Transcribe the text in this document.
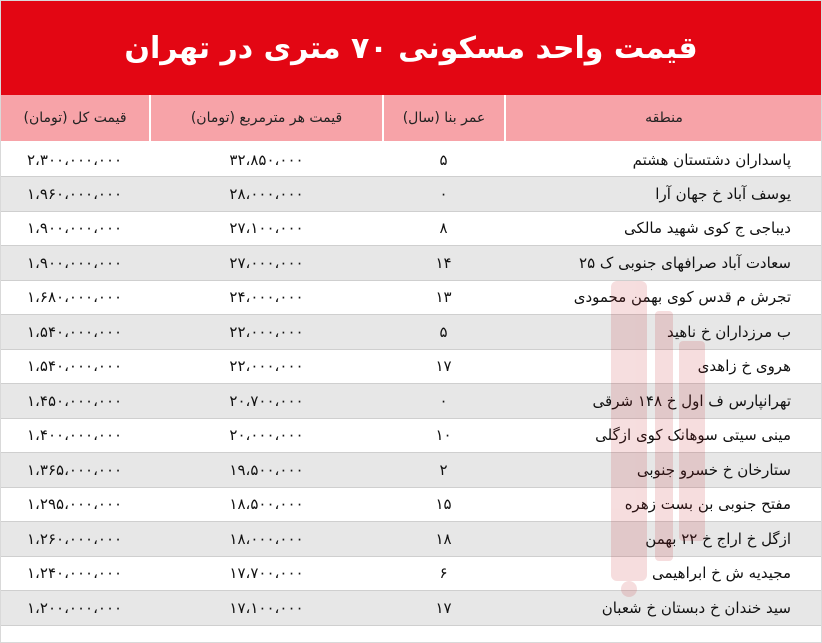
قیمت واحد مسکونی ۷۰ متری در تهران
منطقه	عمر بنا (سال)	قیمت هر مترمربع (تومان)	قیمت کل (تومان)
پاسداران دشتستان هشتم	۵	۳۲،۸۵۰،۰۰۰	۲،۳۰۰،۰۰۰،۰۰۰
یوسف آباد خ جهان آرا	۰	۲۸،۰۰۰،۰۰۰	۱،۹۶۰،۰۰۰،۰۰۰
دیباجی ج کوی شهید مالکی	۸	۲۷،۱۰۰،۰۰۰	۱،۹۰۰،۰۰۰،۰۰۰
سعادت آباد صرافهای جنوبی ک ۲۵	۱۴	۲۷،۰۰۰،۰۰۰	۱،۹۰۰،۰۰۰،۰۰۰
تجرش م قدس کوی بهمن محمودی	۱۳	۲۴،۰۰۰،۰۰۰	۱،۶۸۰،۰۰۰،۰۰۰
ب مرزداران خ ناهید	۵	۲۲،۰۰۰،۰۰۰	۱،۵۴۰،۰۰۰،۰۰۰
هروی خ زاهدی	۱۷	۲۲،۰۰۰،۰۰۰	۱،۵۴۰،۰۰۰،۰۰۰
تهرانپارس ف اول خ ۱۴۸ شرقی	۰	۲۰،۷۰۰،۰۰۰	۱،۴۵۰،۰۰۰،۰۰۰
مینی سیتی سوهانک کوی ازگلی	۱۰	۲۰،۰۰۰،۰۰۰	۱،۴۰۰،۰۰۰،۰۰۰
ستارخان خ خسرو جنوبی	۲	۱۹،۵۰۰،۰۰۰	۱،۳۶۵،۰۰۰،۰۰۰
مفتح جنوبی بن بست زهره	۱۵	۱۸،۵۰۰،۰۰۰	۱،۲۹۵،۰۰۰،۰۰۰
ازگل خ اراج خ ۲۲ بهمن	۱۸	۱۸،۰۰۰،۰۰۰	۱،۲۶۰،۰۰۰،۰۰۰
مجیدیه ش خ ابراهیمی	۶	۱۷،۷۰۰،۰۰۰	۱،۲۴۰،۰۰۰،۰۰۰
سید خندان خ دبستان خ شعبان	۱۷	۱۷،۱۰۰،۰۰۰	۱،۲۰۰،۰۰۰،۰۰۰
